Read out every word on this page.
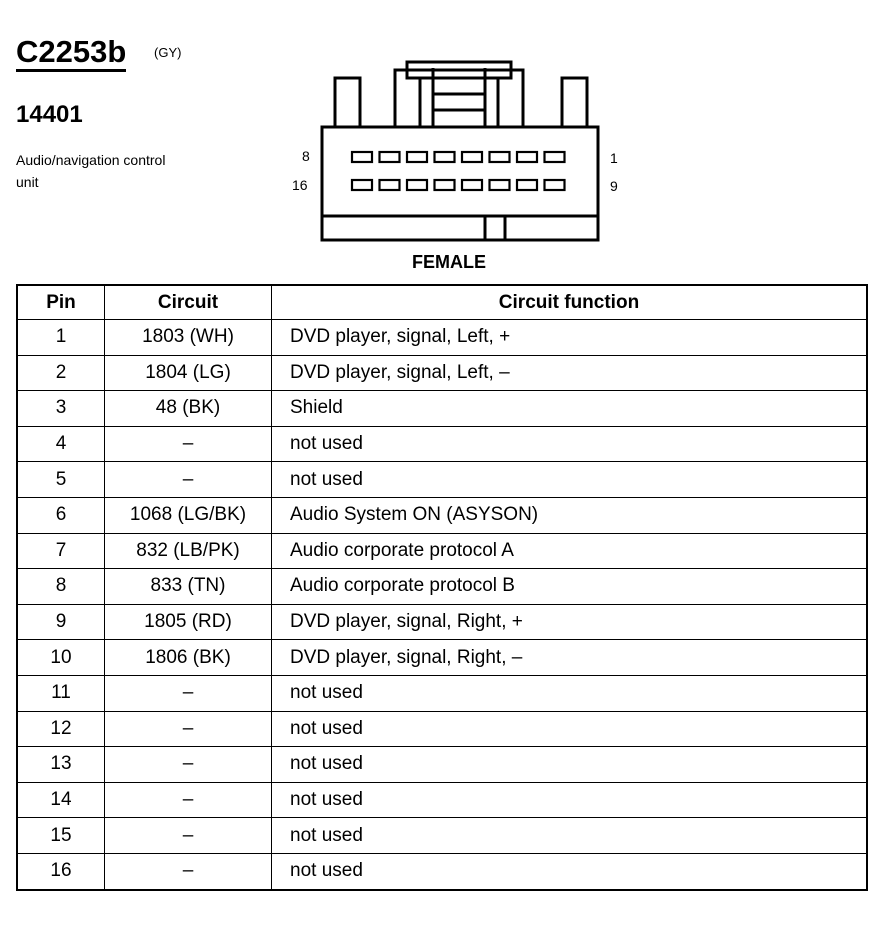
C2253b (GY)
14401
Audio/navigation control unit
8
16
1
9
FEMALE
Pin	Circuit	Circuit function
1	1803 (WH)	DVD player, signal, Left, +
2	1804 (LG)	DVD player, signal, Left, –
3	48 (BK)	Shield
4	–	not used
5	–	not used
6	1068 (LG/BK)	Audio System ON (ASYSON)
7	832 (LB/PK)	Audio corporate protocol A
8	833 (TN)	Audio corporate protocol B
9	1805 (RD)	DVD player, signal, Right, +
10	1806 (BK)	DVD player, signal, Right, –
11	–	not used
12	–	not used
13	–	not used
14	–	not used
15	–	not used
16	–	not used
